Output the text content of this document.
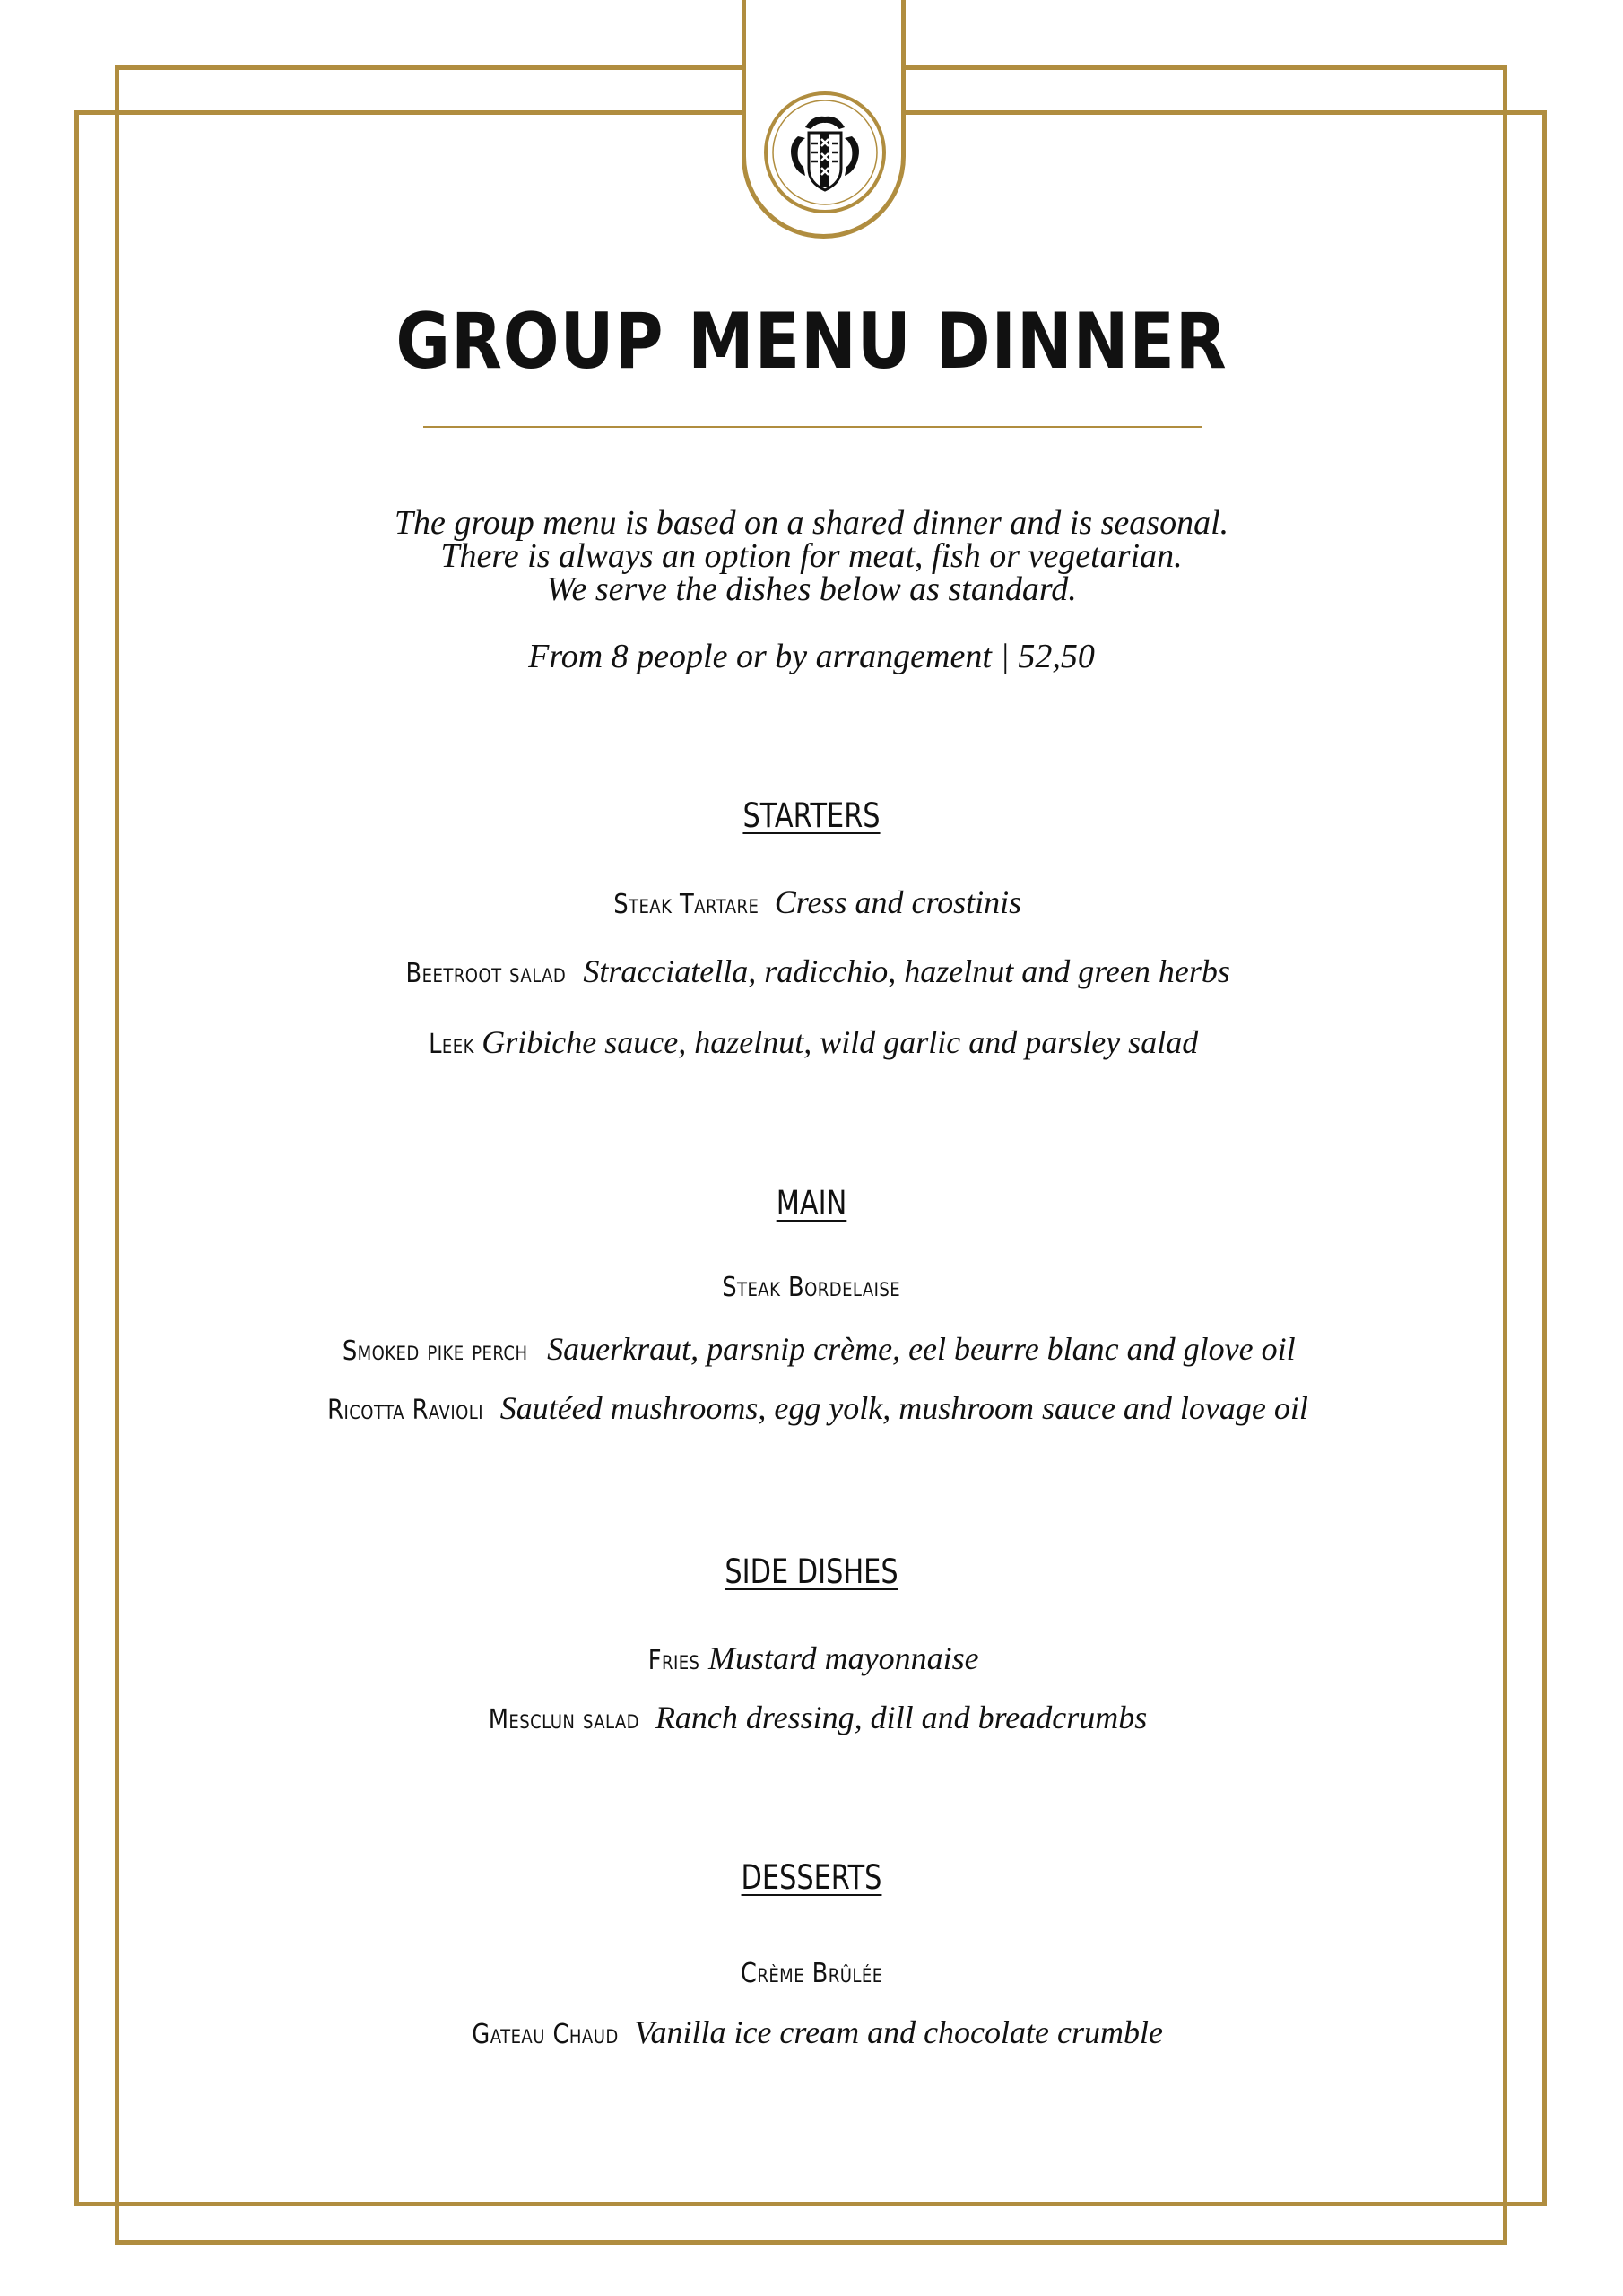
GROUP MENU DINNER
The group menu is based on a shared dinner and is seasonal.
There is always an option for meat, fish or vegetarian.
We serve the dishes below as standard.
From 8 people or by arrangement | 52,50
STARTERS
Steak Tartare Cress and crostinis
Beetroot salad Stracciatella, radicchio, hazelnut and green herbs
Leek Gribiche sauce, hazelnut, wild garlic and parsley salad
MAIN
Steak Bordelaise
Smoked pike perch Sauerkraut, parsnip crème, eel beurre blanc and glove oil
Ricotta Ravioli Sautéed mushrooms, egg yolk, mushroom sauce and lovage oil
SIDE DISHES
Fries Mustard mayonnaise
Mesclun salad Ranch dressing, dill and breadcrumbs
DESSERTS
Crème Brûlée
Gateau Chaud Vanilla ice cream and chocolate crumble
